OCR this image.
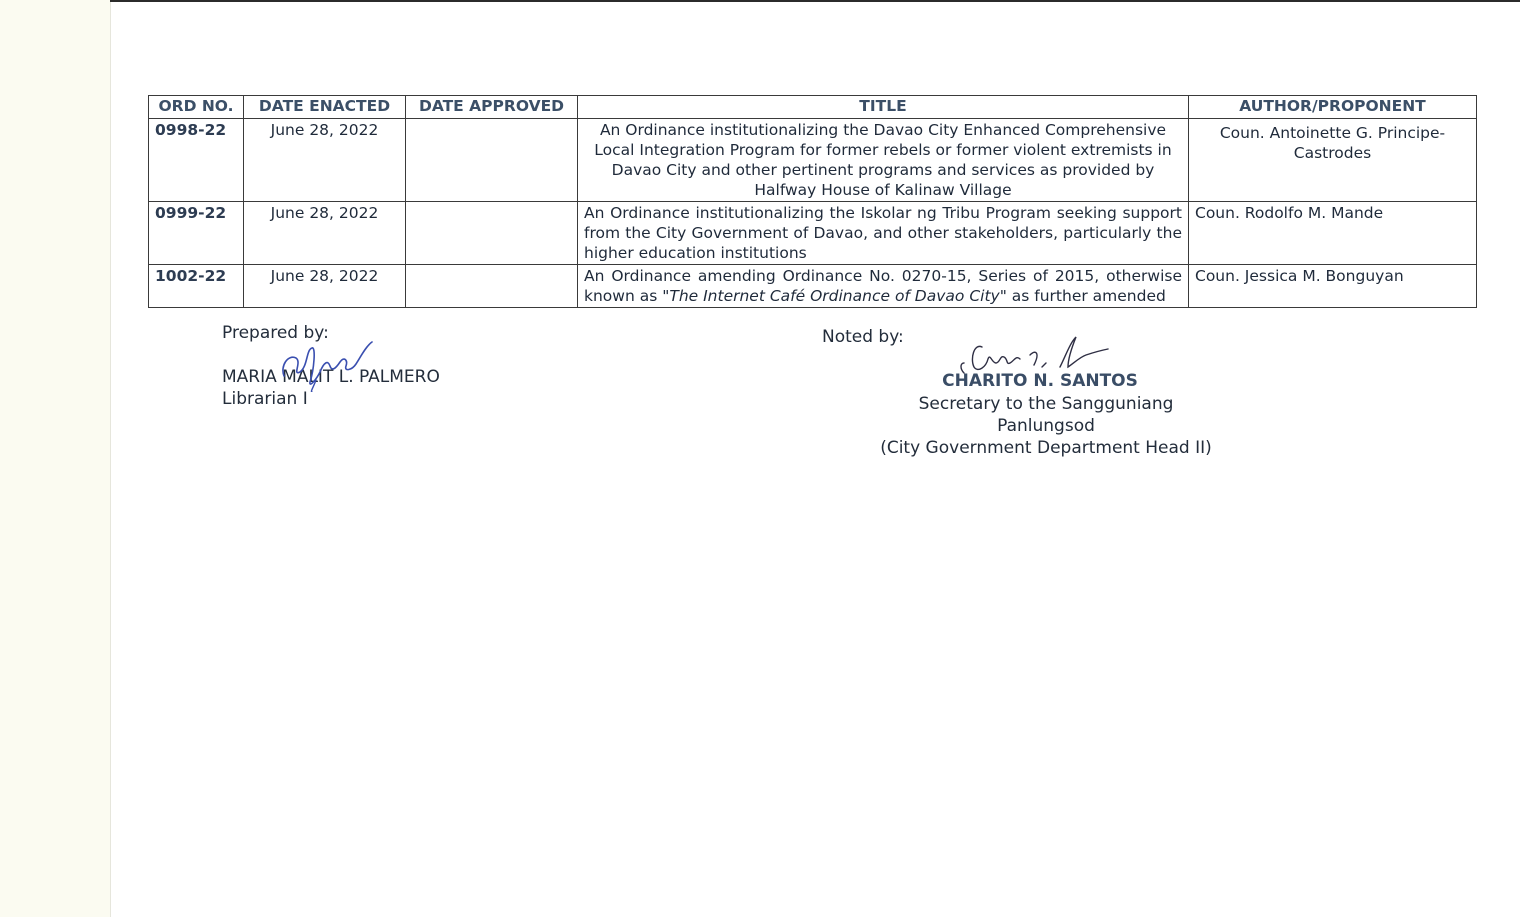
ORD NO.	DATE ENACTED	DATE APPROVED	TITLE	AUTHOR/PROPONENT
0998-22	June 28, 2022		An Ordinance institutionalizing the Davao City Enhanced Comprehensive Local Integration Program for former rebels or former violent extremists in Davao City and other pertinent programs and services as provided by Halfway House of Kalinaw Village	Coun. Antoinette G. Principe-Castrodes
0999-22	June 28, 2022		An Ordinance institutionalizing the Iskolar ng Tribu Program seeking support from the City Government of Davao, and other stakeholders, particularly the higher education institutions	Coun. Rodolfo M. Mande
1002-22	June 28, 2022		An Ordinance amending Ordinance No. 0270-15, Series of 2015, otherwise known as "The Internet Café Ordinance of Davao City" as further amended	Coun. Jessica M. Bonguyan
Prepared by:
MARIA MALIT L. PALMERO
Librarian I
Noted by:
CHARITO N. SANTOS
Secretary to the Sangguniang Panlungsod
(City Government Department Head II)
